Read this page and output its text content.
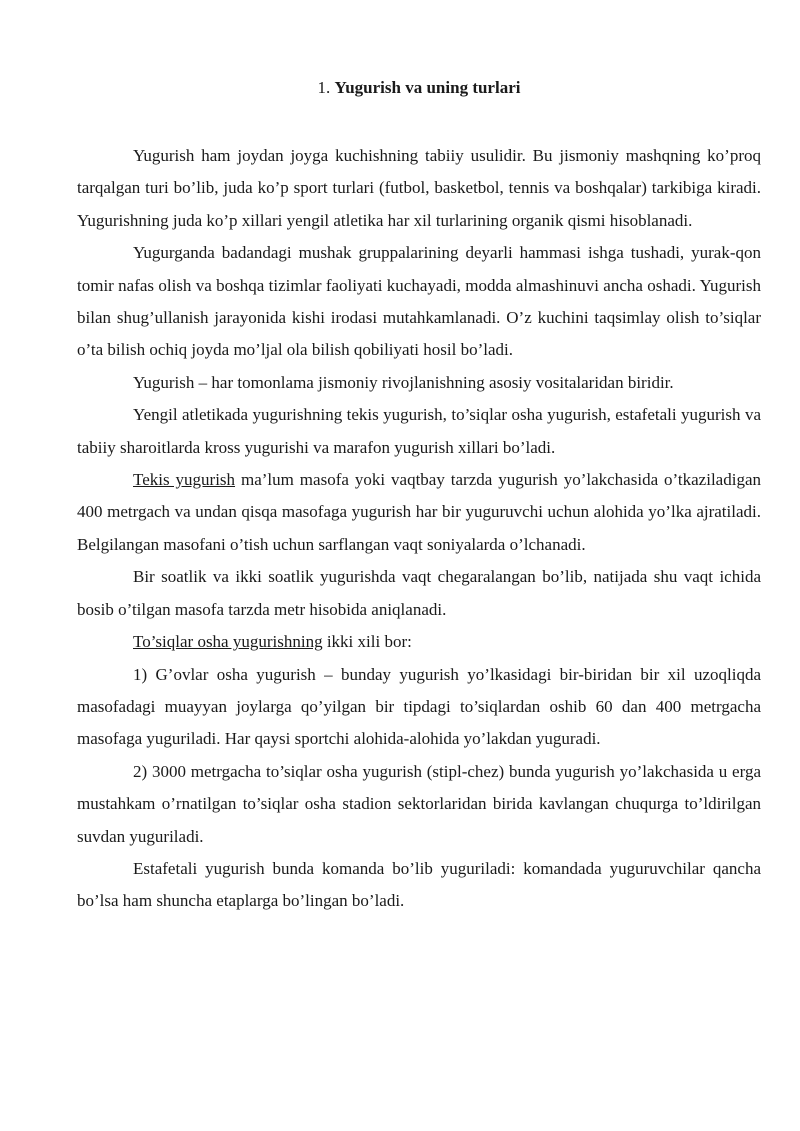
1. Yugurish va uning turlari

Yugurish ham joydan joyga kuchishning tabiiy usulidir. Bu jismoniy mashqning ko’proq tarqalgan turi bo’lib, juda ko’p sport turlari (futbol, basketbol, tennis va boshqalar) tarkibiga kiradi. Yugurishning juda ko’p xillari yengil atletika har xil turlarining organik qismi hisoblanadi.

Yugurganda badandagi mushak gruppalarining deyarli hammasi ishga tushadi, yurak-qon tomir nafas olish va boshqa tizimlar faoliyati kuchayadi, modda almashinuvi ancha oshadi. Yugurish bilan shug’ullanish jarayonida kishi irodasi mutahkamlanadi. O’z kuchini taqsimlay olish to’siqlar o’ta bilish ochiq joyda mo’ljal ola bilish qobiliyati hosil bo’ladi.

Yugurish – har tomonlama jismoniy rivojlanishning asosiy vositalaridan biridir.

Yengil atletikada yugurishning tekis yugurish, to’siqlar osha yugurish, estafetali yugurish va tabiiy sharoitlarda kross yugurishi va marafon yugurish xillari bo’ladi.

Tekis yugurish ma’lum masofa yoki vaqtbay tarzda yugurish yo’lakchasida o’tkaziladigan 400 metrgach va undan qisqa masofaga yugurish har bir yuguruvchi uchun alohida yo’lka ajratiladi. Belgilangan masofani o’tish uchun sarflangan vaqt soniyalarda o’lchanadi.

Bir soatlik va ikki soatlik yugurishda vaqt chegaralangan bo’lib, natijada shu vaqt ichida bosib o’tilgan masofa tarzda metr hisobida aniqlanadi.

To’siqlar osha yugurishning ikki xili bor:

1) G’ovlar osha yugurish – bunday yugurish yo’lkasidagi bir-biridan bir xil uzoqliqda masofadagi muayyan joylarga qo’yilgan bir tipdagi to’siqlardan oshib 60 dan 400 metrgacha masofaga yuguriladi. Har qaysi sportchi alohida-alohida yo’lakdan yuguradi.

2) 3000 metrgacha to’siqlar osha yugurish (stipl-chez) bunda yugurish yo’lakchasida u erga mustahkam o’rnatilgan to’siqlar osha stadion sektorlaridan birida kavlangan chuqurga to’ldirilgan suvdan yuguriladi.

Estafetali yugurish bunda komanda bo’lib yuguriladi: komandada yuguruvchilar qancha bo’lsa ham shuncha etaplarga bo’lingan bo’ladi.
